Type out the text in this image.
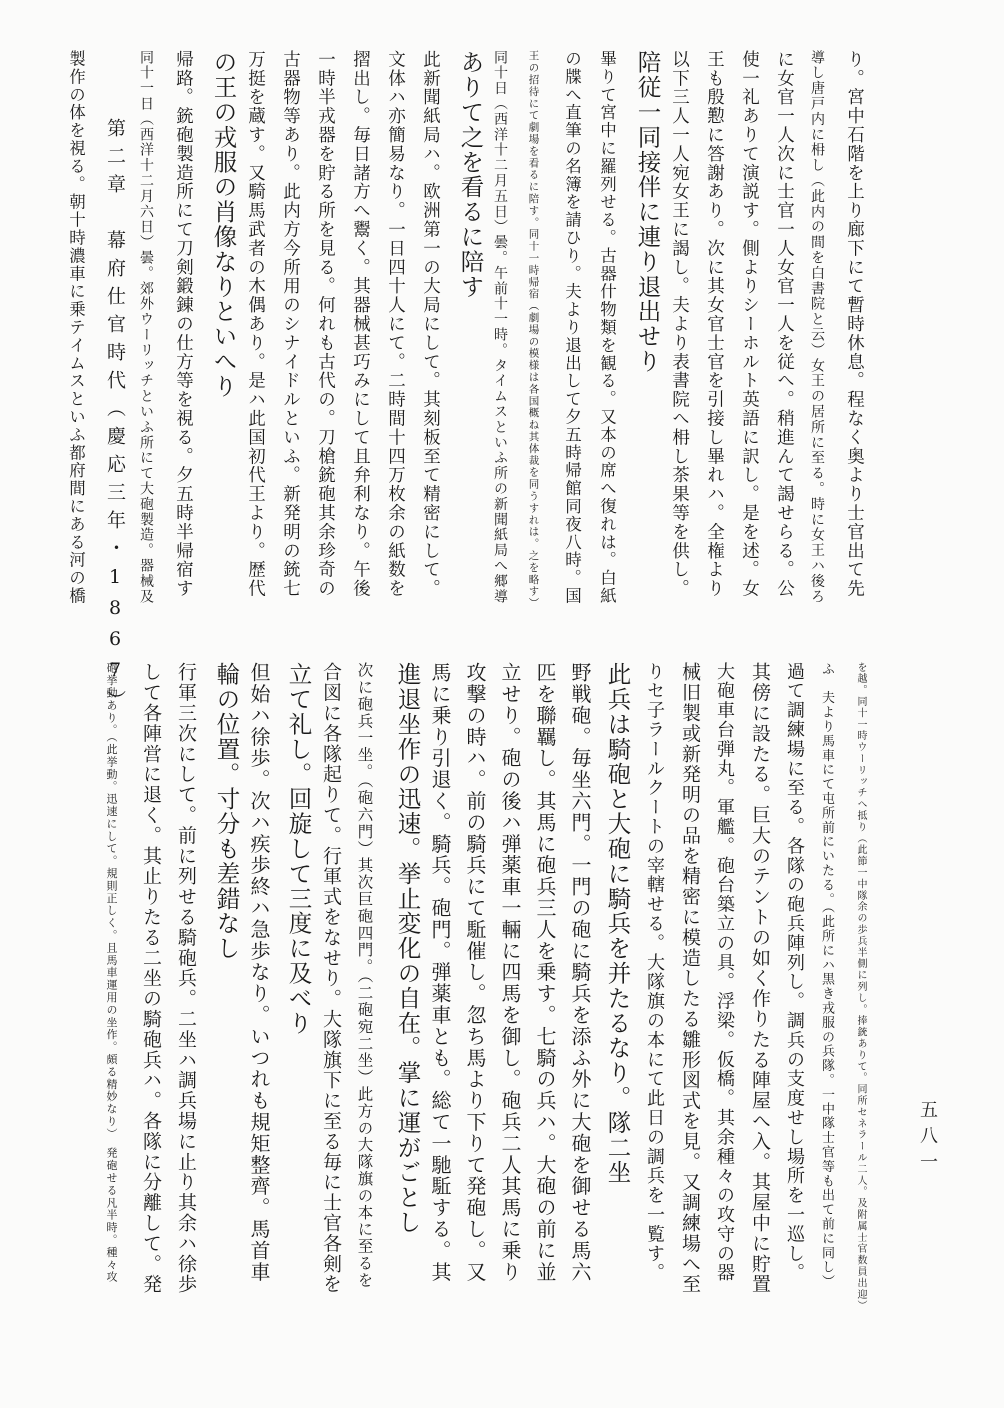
第二章　幕府仕官時代（慶応三年・1867）
五八一
り。宮中石階を上り廊下にて暫時休息。程なく奥より士官出て先
導し唐戸内に枏し（此内の間を白書院と云）女王の居所に至る。時に女王ハ後ろ
に女官一人次に士官一人女官一人を従へ。稍進んて謁せらる。公
使一礼ありて演説す。側よりシーホルト英語に訳し。是を述。女
王も殷懃に答謝あり。次に其女官士官を引接し畢れハ。全権より
以下三人一人宛女王に謁し。夫より表書院へ枏し茶果等を供し。
陪従一同接伴に連り退出せり
畢りて宮中に羅列せる。古器什物類を観る。又本の席へ復れは。白紙
の牒へ直筆の名簿を請ひり。夫より退出して夕五時帰館同夜八時。国
王の招待にて劇場を看るに陪す。同十一時帰宿（劇場の模様は各国概ね其体裁を同うすれは。之を略す）
同十日（西洋十二月五日）曇。午前十一時。タイムスといふ所の新聞紙局へ郷導
ありて之を看るに陪す
此新聞紙局ハ。欧洲第一の大局にして。其刻板至て精密にして。
文体ハ亦簡易なり。一日四十人にて。二時間十四万枚余の紙数を
摺出し。毎日諸方へ鬻く。其器械甚巧みにして且弁利なり。午後
一時半戎器を貯る所を見る。何れも古代の。刀槍銃砲其余珍奇の
古器物等あり。此内方今所用のシナイドルといふ。新発明の銃七
万挺を蔵す。又騎馬武者の木偶あり。是ハ此国初代王より。歴代
の王の戎服の肖像なりといへり
帰路。銃砲製造所にて刀剣鍛錬の仕方等を視る。夕五時半帰宿す
同十一日（西洋十二月六日）曇。郊外ウーリッチといふ所にて大砲製造。器械及
製作の体を視る。朝十時濃車に乗テイムスといふ都府間にある河の橋
を越。同十一時ウーリッチへ抵り（此節一中隊余の歩兵半側に列し。捧銃ありて。同所セネラール二人。及附属士官数員出迎）
ふ　夫より馬車にて屯所前にいたる。（此所にハ黒き戎服の兵隊。一中隊士官等も出て前に同し）
過て調練場に至る。各隊の砲兵陣列し。調兵の支度せし場所を一巡し。
其傍に設たる。巨大のテントの如く作りたる陣屋へ入。其屋中に貯置
大砲車台弾丸。軍艦。砲台築立の具。浮梁。仮橋。其余種々の攻守の器
械旧製或新発明の品を精密に模造したる雛形図式を見。又調練場へ至
りセ子ラールクートの宰轄せる。大隊旗の本にて此日の調兵を一覧す。
此兵は騎砲と大砲に騎兵を并たるなり。隊二坐
野戦砲。毎坐六門。一門の砲に騎兵を添ふ外に大砲を御せる馬六
匹を聯羈し。其馬に砲兵三人を乗す。七騎の兵ハ。大砲の前に並
立せり。砲の後ハ弾薬車一輛に四馬を御し。砲兵二人其馬に乗り
攻撃の時ハ。前の騎兵にて駈催し。忽ち馬より下りて発砲し。又
馬に乗り引退く。騎兵。砲門。弾薬車とも。総て一馳駈する。其
進退坐作の迅速。挙止変化の自在。掌に運がごとし
次に砲兵一坐。（砲六門）其次巨砲四門。（二砲宛二坐）此方の大隊旗の本に至るを
合図に各隊起りて。行軍式をなせり。大隊旗下に至る毎に士官各剣を
立て礼し。回旋して三度に及べり
但始ハ徐歩。次ハ疾歩終ハ急歩なり。いつれも規矩整齊。馬首車
輪の位置。寸分も差錯なし
行軍三次にして。前に列せる騎砲兵。二坐ハ調兵場に止り其余ハ徐歩
して各陣営に退く。其止りたる二坐の騎砲兵ハ。各隊に分離して。発
砲挙動あり。（此挙動。迅速にして。規則正しく。且馬車運用の坐作。頗る精妙なり）　発砲せる凡半時。種々攻
